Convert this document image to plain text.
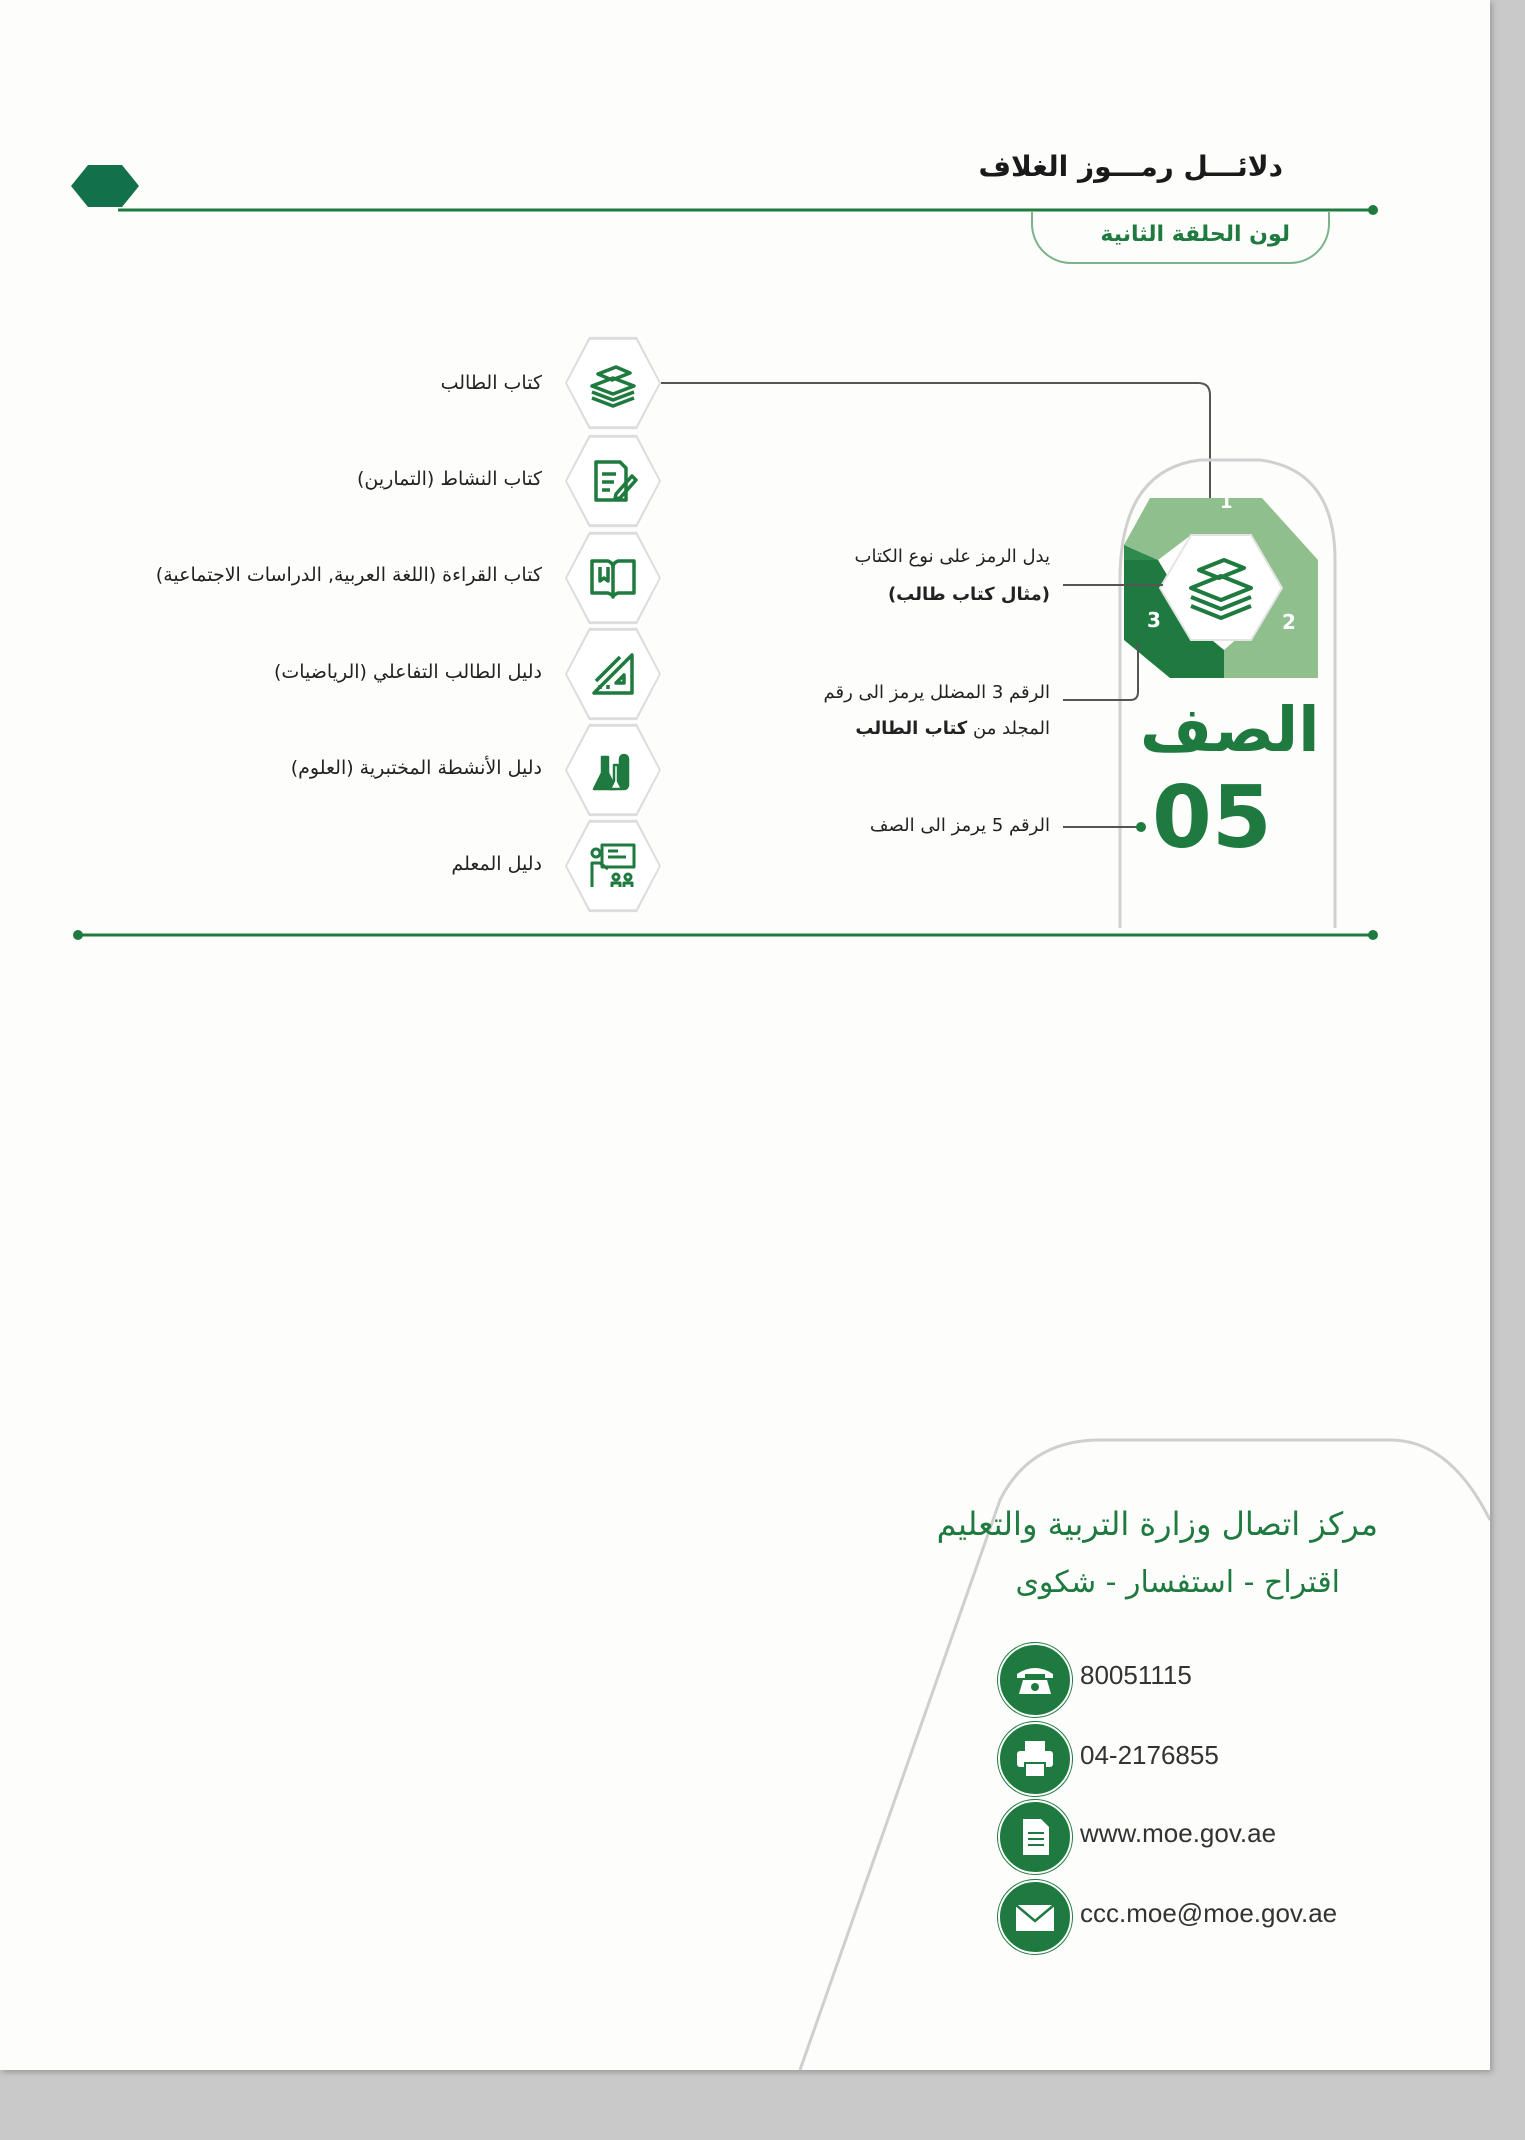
دلائـــل رمـــوز الغلاف
لون الحلقة الثانية
كتاب الطالب
كتاب النشاط (التمارين)
كتاب القراءة (اللغة العربية, الدراسات الاجتماعية)
دليل الطالب التفاعلي (الرياضيات)
دليل الأنشطة المختبرية (العلوم)
دليل المعلم
1
2
3
الصف
05
يدل الرمز على نوع الكتاب
(مثال كتاب طالب)
الرقم 3 المضلل يرمز الى رقم
المجلد من كتاب الطالب
الرقم 5 يرمز الى الصف
مركز اتصال وزارة التربية والتعليم
اقتراح - استفسار - شكوى
80051115
04-2176855
www.moe.gov.ae
ccc.moe@moe.gov.ae
